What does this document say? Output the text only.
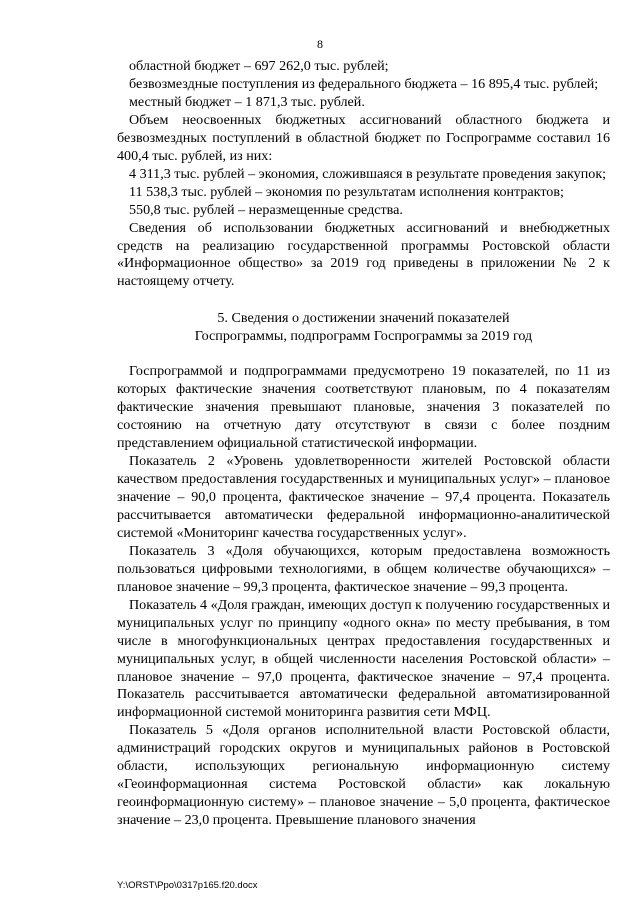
8

областной бюджет – 697 262,0 тыс. рублей;

безвозмездные поступления из федерального бюджета – 16 895,4 тыс. рублей;

местный бюджет – 1 871,3 тыс. рублей.

Объем неосвоенных бюджетных ассигнований областного бюджета и безвозмездных поступлений в областной бюджет по Госпрограмме составил 16 400,4 тыс. рублей, из них:

4 311,3 тыс. рублей – экономия, сложившаяся в результате проведения закупок;

11 538,3 тыс. рублей – экономия по результатам исполнения контрактов;

550,8 тыс. рублей – неразмещенные средства.

Сведения об использовании бюджетных ассигнований и внебюджетных средств на реализацию государственной программы Ростовской области «Информационное общество» за 2019 год приведены в приложении № 2 к настоящему отчету.

5. Сведения о достижении значений показателей

Госпрограммы, подпрограмм Госпрограммы за 2019 год

Госпрограммой и подпрограммами предусмотрено 19 показателей, по 11 из которых фактические значения соответствуют плановым, по 4 показателям фактические значения превышают плановые, значения 3 показателей по состоянию на отчетную дату отсутствуют в связи с более поздним представлением официальной статистической информации.

Показатель 2 «Уровень удовлетворенности жителей Ростовской области качеством предоставления государственных и муниципальных услуг» – плановое значение – 90,0 процента, фактическое значение – 97,4 процента. Показатель рассчитывается автоматически федеральной информационно-аналитической системой «Мониторинг качества государственных услуг».

Показатель 3 «Доля обучающихся, которым предоставлена возможность пользоваться цифровыми технологиями, в общем количестве обучающихся» – плановое значение – 99,3 процента, фактическое значение – 99,3 процента.

Показатель 4 «Доля граждан, имеющих доступ к получению государственных и муниципальных услуг по принципу «одного окна» по месту пребывания, в том числе в многофункциональных центрах предоставления государственных и муниципальных услуг, в общей численности населения Ростовской области» – плановое значение – 97,0 процента, фактическое значение – 97,4 процента. Показатель рассчитывается автоматически федеральной автоматизированной информационной системой мониторинга развития сети МФЦ.

Показатель 5 «Доля органов исполнительной власти Ростовской области, администраций городских округов и муниципальных районов в Ростовской области, использующих региональную информационную систему «Геоинформационная система Ростовской области» как локальную геоинформационную систему» – плановое значение – 5,0 процента, фактическое значение – 23,0 процента. Превышение планового значения

Y:\ORST\Ppo\0317p165.f20.docx
